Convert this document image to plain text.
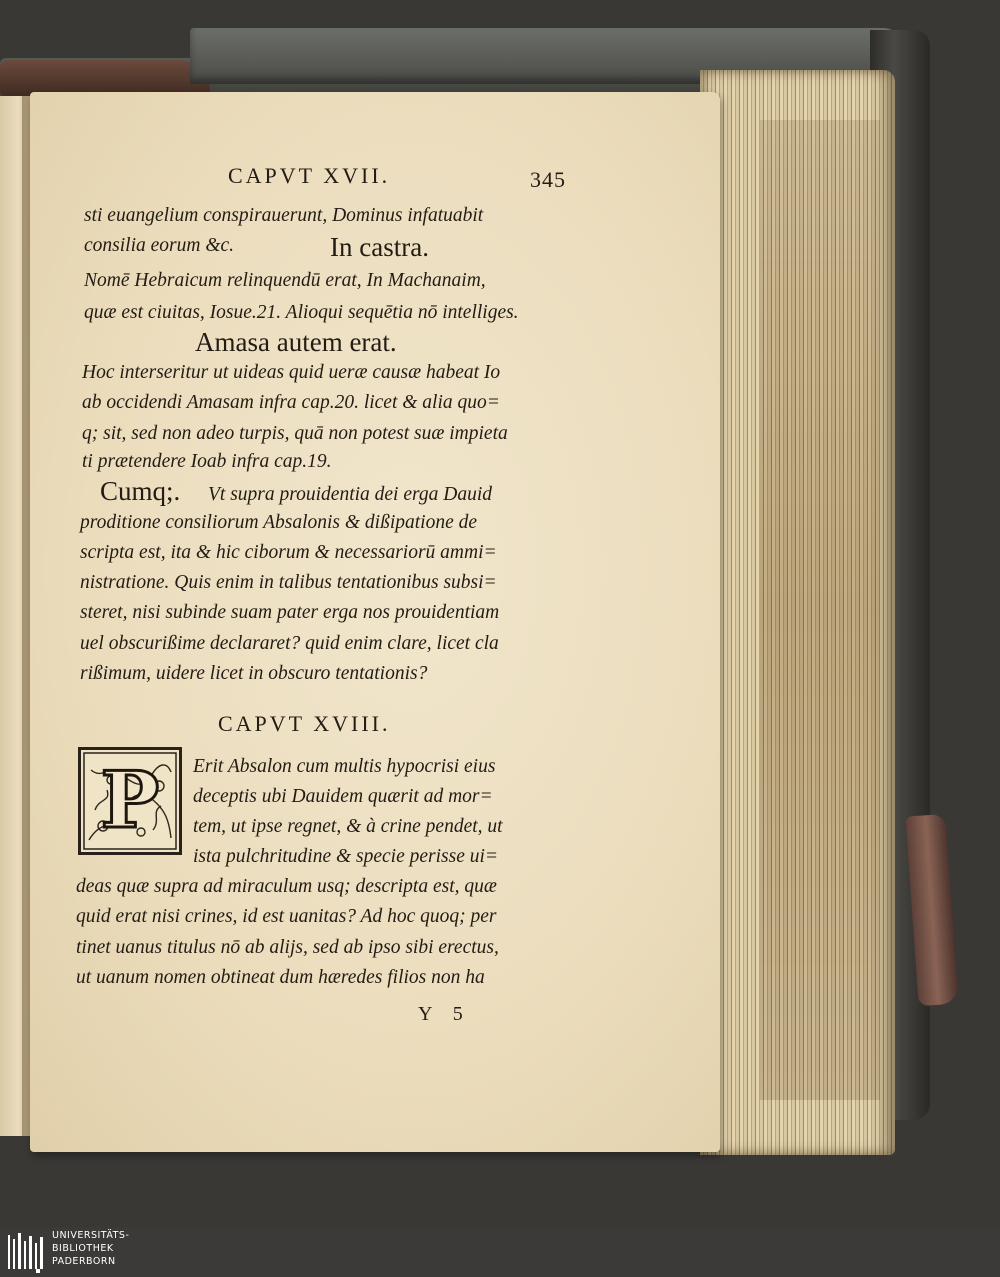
CAPVT XVII.	345
sti euangelium conspirauerunt, Dominus infatuabit
consilia eorum &c.	In castra.
Nomē Hebraicum relinquendū erat, In Machanaim,
quæ est ciuitas, Iosue.21. Alioqui sequētia nō intelliges.
Amasa autem erat.
Hoc interseritur ut uideas quid ueræ causæ habeat Io
ab occidendi Amasam infra cap.20. licet & alia quo=
q; sit, sed non adeo turpis, quā non potest suæ impieta
ti prætendere Ioab infra cap.19.
Cumq;. Vt supra prouidentia dei erga Dauid
proditione consiliorum Absalonis & dißipatione de
scripta est, ita & hic ciborum & necessariorū ammi=
nistratione. Quis enim in talibus tentationibus subsi=
steret, nisi subinde suam pater erga nos prouidentiam
uel obscurißime declararet? quid enim clare, licet cla
rißimum, uidere licet in obscuro tentationis?
CAPVT XVIII.
P Erit Absalon cum multis hypocrisi eius
deceptis ubi Dauidem quærit ad mor=
tem, ut ipse regnet, & à crine pendet, ut
ista pulchritudine & specie perisse ui=
deas quæ supra ad miraculum usq; descripta est, quæ
quid erat nisi crines, id est uanitas? Ad hoc quoq; per
tinet uanus titulus nō ab alijs, sed ab ipso sibi erectus,
ut uanum nomen obtineat dum hæredes filios non ha
Y 5
UNIVERSITÄTS-
BIBLIOTHEK
PADERBORN
